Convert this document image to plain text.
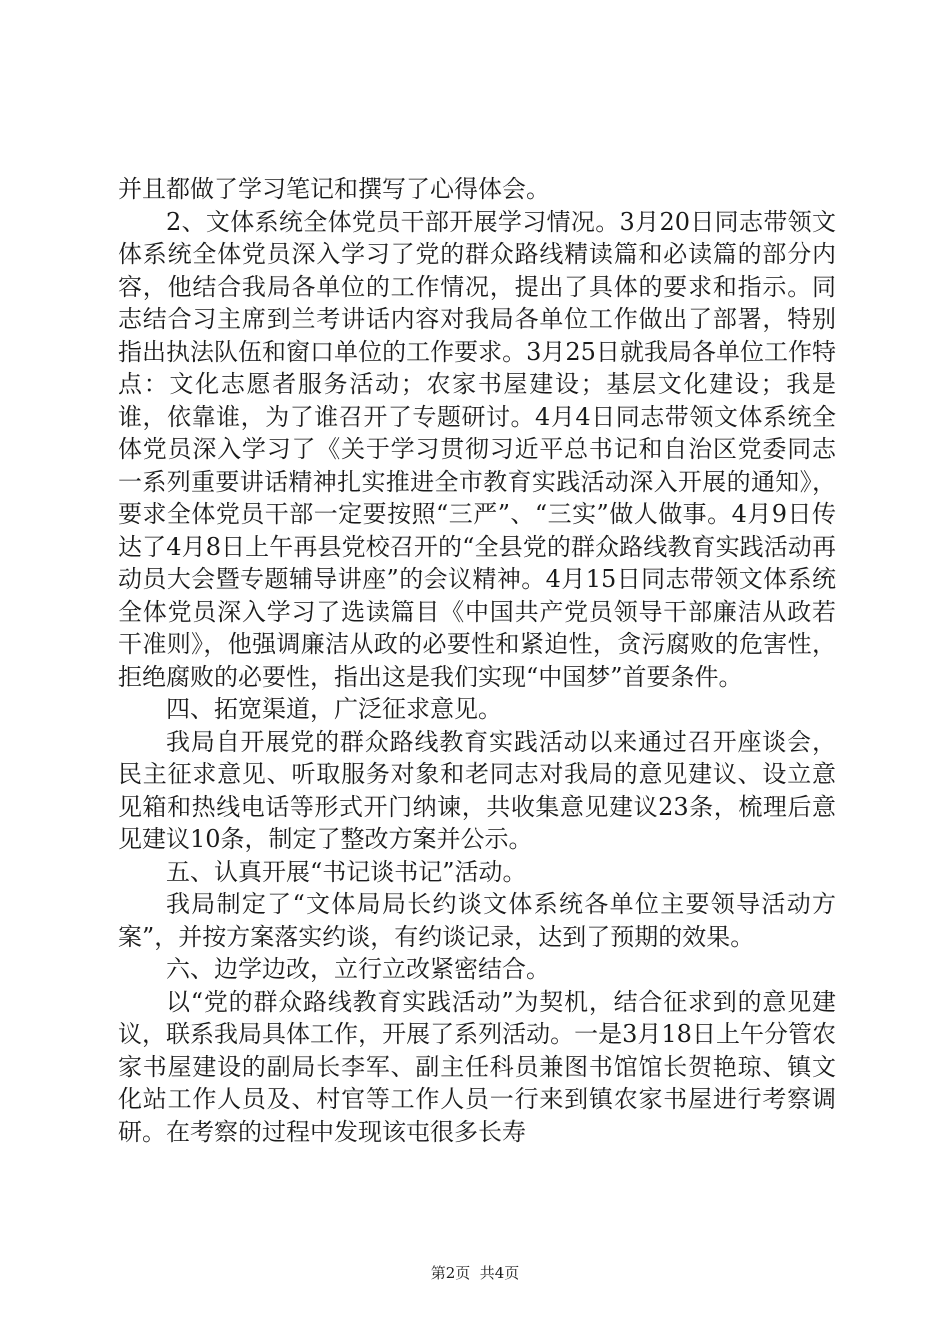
并且都做了学习笔记和撰写了心得体会。

2、文体系统全体党员干部开展学习情况。3月20日同志带领文体系统全体党员深入学习了党的群众路线精读篇和必读篇的部分内容，他结合我局各单位的工作情况，提出了具体的要求和指示。同志结合习主席到兰考讲话内容对我局各单位工作做出了部署，特别指出执法队伍和窗口单位的工作要求。3月25日就我局各单位工作特点：文化志愿者服务活动；农家书屋建设；基层文化建设；我是谁，依靠谁，为了谁召开了专题研讨。4月4日同志带领文体系统全体党员深入学习了《关于学习贯彻习近平总书记和自治区党委同志一系列重要讲话精神扎实推进全市教育实践活动深入开展的通知》，要求全体党员干部一定要按照“三严”、“三实”做人做事。4月9日传达了4月8日上午再县党校召开的“全县党的群众路线教育实践活动再动员大会暨专题辅导讲座”的会议精神。4月15日同志带领文体系统全体党员深入学习了选读篇目《中国共产党员领导干部廉洁从政若干准则》，他强调廉洁从政的必要性和紧迫性，贪污腐败的危害性，拒绝腐败的必要性，指出这是我们实现“中国梦”首要条件。

四、拓宽渠道，广泛征求意见。

我局自开展党的群众路线教育实践活动以来通过召开座谈会，民主征求意见、听取服务对象和老同志对我局的意见建议、设立意见箱和热线电话等形式开门纳谏，共收集意见建议23条，梳理后意见建议10条，制定了整改方案并公示。

五、认真开展“书记谈书记”活动。

我局制定了“文体局局长约谈文体系统各单位主要领导活动方案”，并按方案落实约谈，有约谈记录，达到了预期的效果。

六、边学边改，立行立改紧密结合。

以“党的群众路线教育实践活动”为契机，结合征求到的意见建议，联系我局具体工作，开展了系列活动。一是3月18日上午分管农家书屋建设的副局长李军、副主任科员兼图书馆馆长贺艳琼、镇文化站工作人员及、村官等工作人员一行来到镇农家书屋进行考察调研。在考察的过程中发现该屯很多长寿

第2页  共4页
